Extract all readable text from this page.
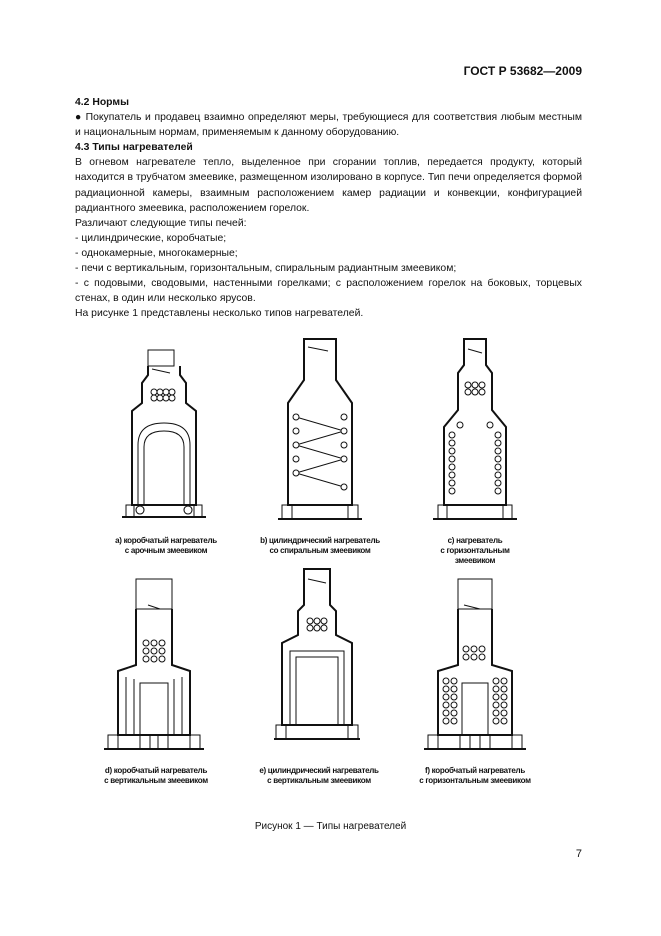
ГОСТ Р 53682—2009

4.2 Нормы

● Покупатель и продавец взаимно определяют меры, требующиеся для соответствия любым местным и национальным нормам, применяемым к данному оборудованию.

4.3 Типы нагревателей

В огневом нагревателе тепло, выделенное при сгорании топлив, передается продукту, который находится в трубчатом змеевике, размещенном изолировано в корпусе. Тип печи определяется формой радиационной камеры, взаимным расположением камер радиации и конвекции, конфигурацией радиантного змеевика, расположением горелок.

Различают следующие типы печей:

- цилиндрические, коробчатые;

- однокамерные, многокамерные;

- печи с вертикальным, горизонтальным, спиральным радиантным змеевиком;

- с подовыми, сводовыми, настенными горелками; с расположением горелок на боковых, торцевых стенах, в один или несколько ярусов.

На рисунке 1 представлены несколько типов нагревателей.

а) коробчатый нагреватель
с арочным змеевиком
b) цилиндрический нагреватель
со спиральным змеевиком
с) нагреватель
с горизонтальным
змеевиком
d) коробчатый нагреватель
с вертикальным змеевиком
e) цилиндрический нагреватель
с вертикальным змеевиком
f) коробчатый нагреватель
с горизонтальным змеевиком
Рисунок 1 — Типы нагревателей
7
